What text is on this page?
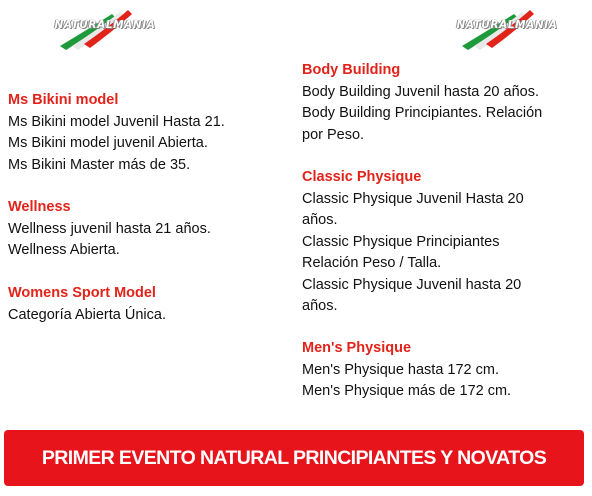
NATURALMANIA	NATURALMANIA

Ms Bikini model

Ms Bikini model Juvenil Hasta 21.

Ms Bikini model juvenil Abierta.

Ms Bikini Master más de 35.

Wellness

Wellness juvenil hasta 21 años.

Wellness Abierta.

Womens Sport Model

Categoría Abierta Única.

Body Building

Body Building Juvenil hasta 20 años.

Body Building Principiantes. Relación

por Peso.

Classic Physique

Classic Physique Juvenil Hasta 20

años.

Classic Physique Principiantes

Relación Peso / Talla.

Classic Physique Juvenil hasta 20

años.

Men's Physique

Men's Physique hasta 172 cm.

Men's Physique más de 172 cm.

PRIMER EVENTO NATURAL PRINCIPIANTES Y NOVATOS
